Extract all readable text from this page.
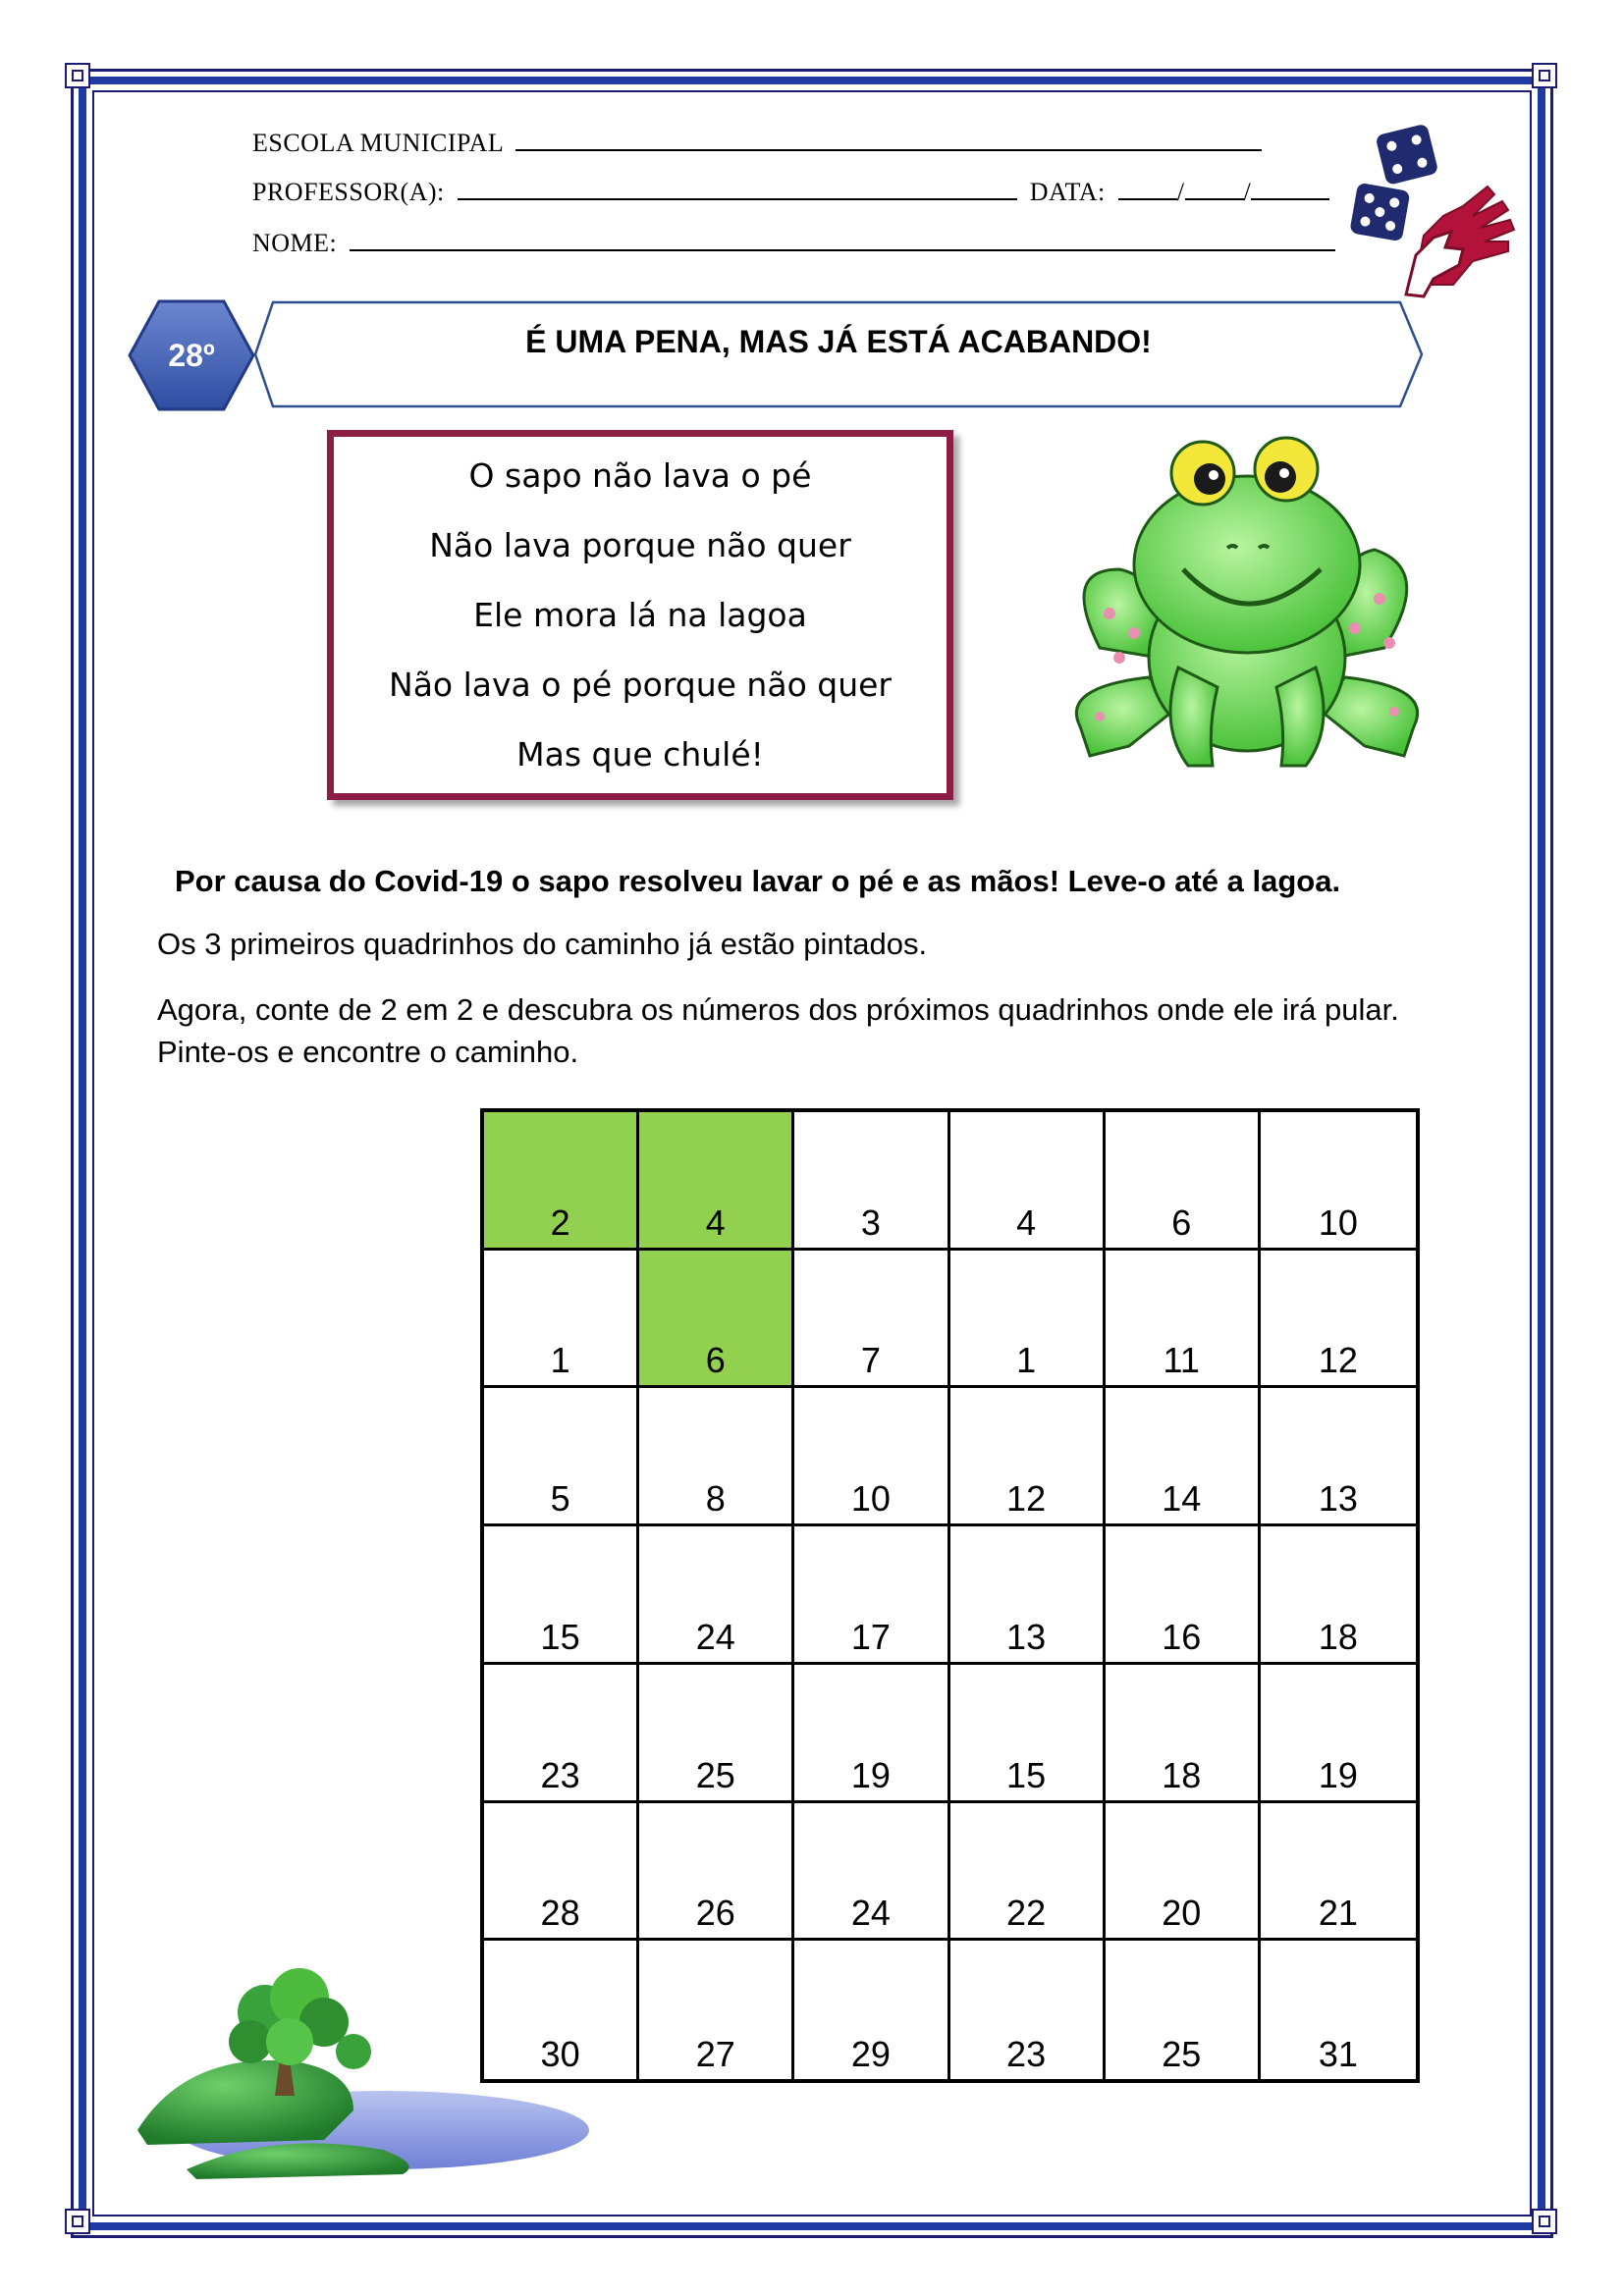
ESCOLA MUNICIPAL
PROFESSOR(A):	DATA:	/ /
NOME:
28º	É UMA PENA, MAS JÁ ESTÁ ACABANDO!
O sapo não lava o pé
Não lava porque não quer
Ele mora lá na lagoa
Não lava o pé porque não quer
Mas que chulé!
Por causa do Covid-19 o sapo resolveu lavar o pé e as mãos! Leve-o até a lagoa.
Os 3 primeiros quadrinhos do caminho já estão pintados.
Agora, conte de 2 em 2 e descubra os números dos próximos quadrinhos onde ele irá pular. Pinte-os e encontre o caminho.
2	4	3	4	6	10
1	6	7	1	11	12
5	8	10	12	14	13
15	24	17	13	16	18
23	25	19	15	18	19
28	26	24	22	20	21
30	27	29	23	25	31
